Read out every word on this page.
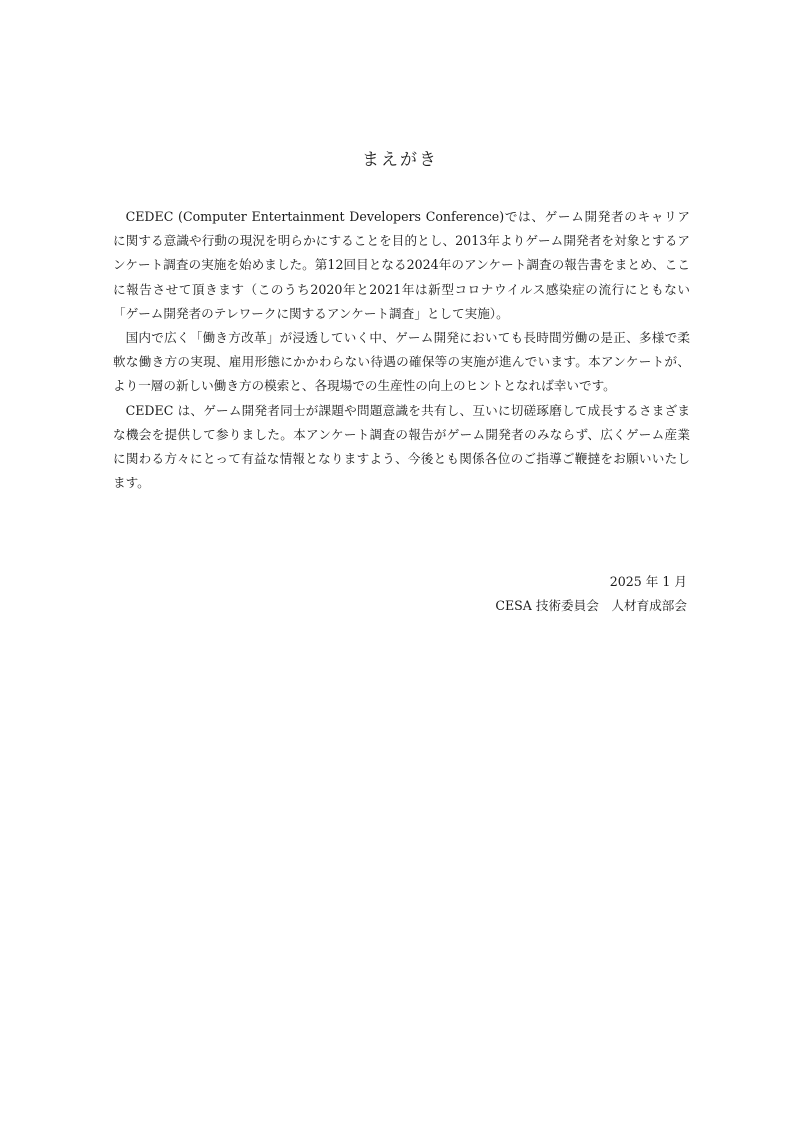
まえがき

CEDEC (Computer Entertainment Developers Conference)では、ゲーム開発者のキャリアに関する意識や行動の現況を明らかにすることを目的とし、2013年よりゲーム開発者を対象とするアンケート調査の実施を始めました。第12回目となる2024年のアンケート調査の報告書をまとめ、ここに報告させて頂きます（このうち2020年と2021年は新型コロナウイルス感染症の流行にともない「ゲーム開発者のテレワークに関するアンケート調査」として実施）。

国内で広く「働き方改革」が浸透していく中、ゲーム開発においても長時間労働の是正、多様で柔軟な働き方の実現、雇用形態にかかわらない待遇の確保等の実施が進んでいます。本アンケートが、より一層の新しい働き方の模索と、各現場での生産性の向上のヒントとなれば幸いです。

CEDEC は、ゲーム開発者同士が課題や問題意識を共有し、互いに切磋琢磨して成長するさまざまな機会を提供して参りました。本アンケート調査の報告がゲーム開発者のみならず、広くゲーム産業に関わる方々にとって有益な情報となりますよう、今後とも関係各位のご指導ご鞭撻をお願いいたします。

2025 年 1 月
CESA 技術委員会　人材育成部会
